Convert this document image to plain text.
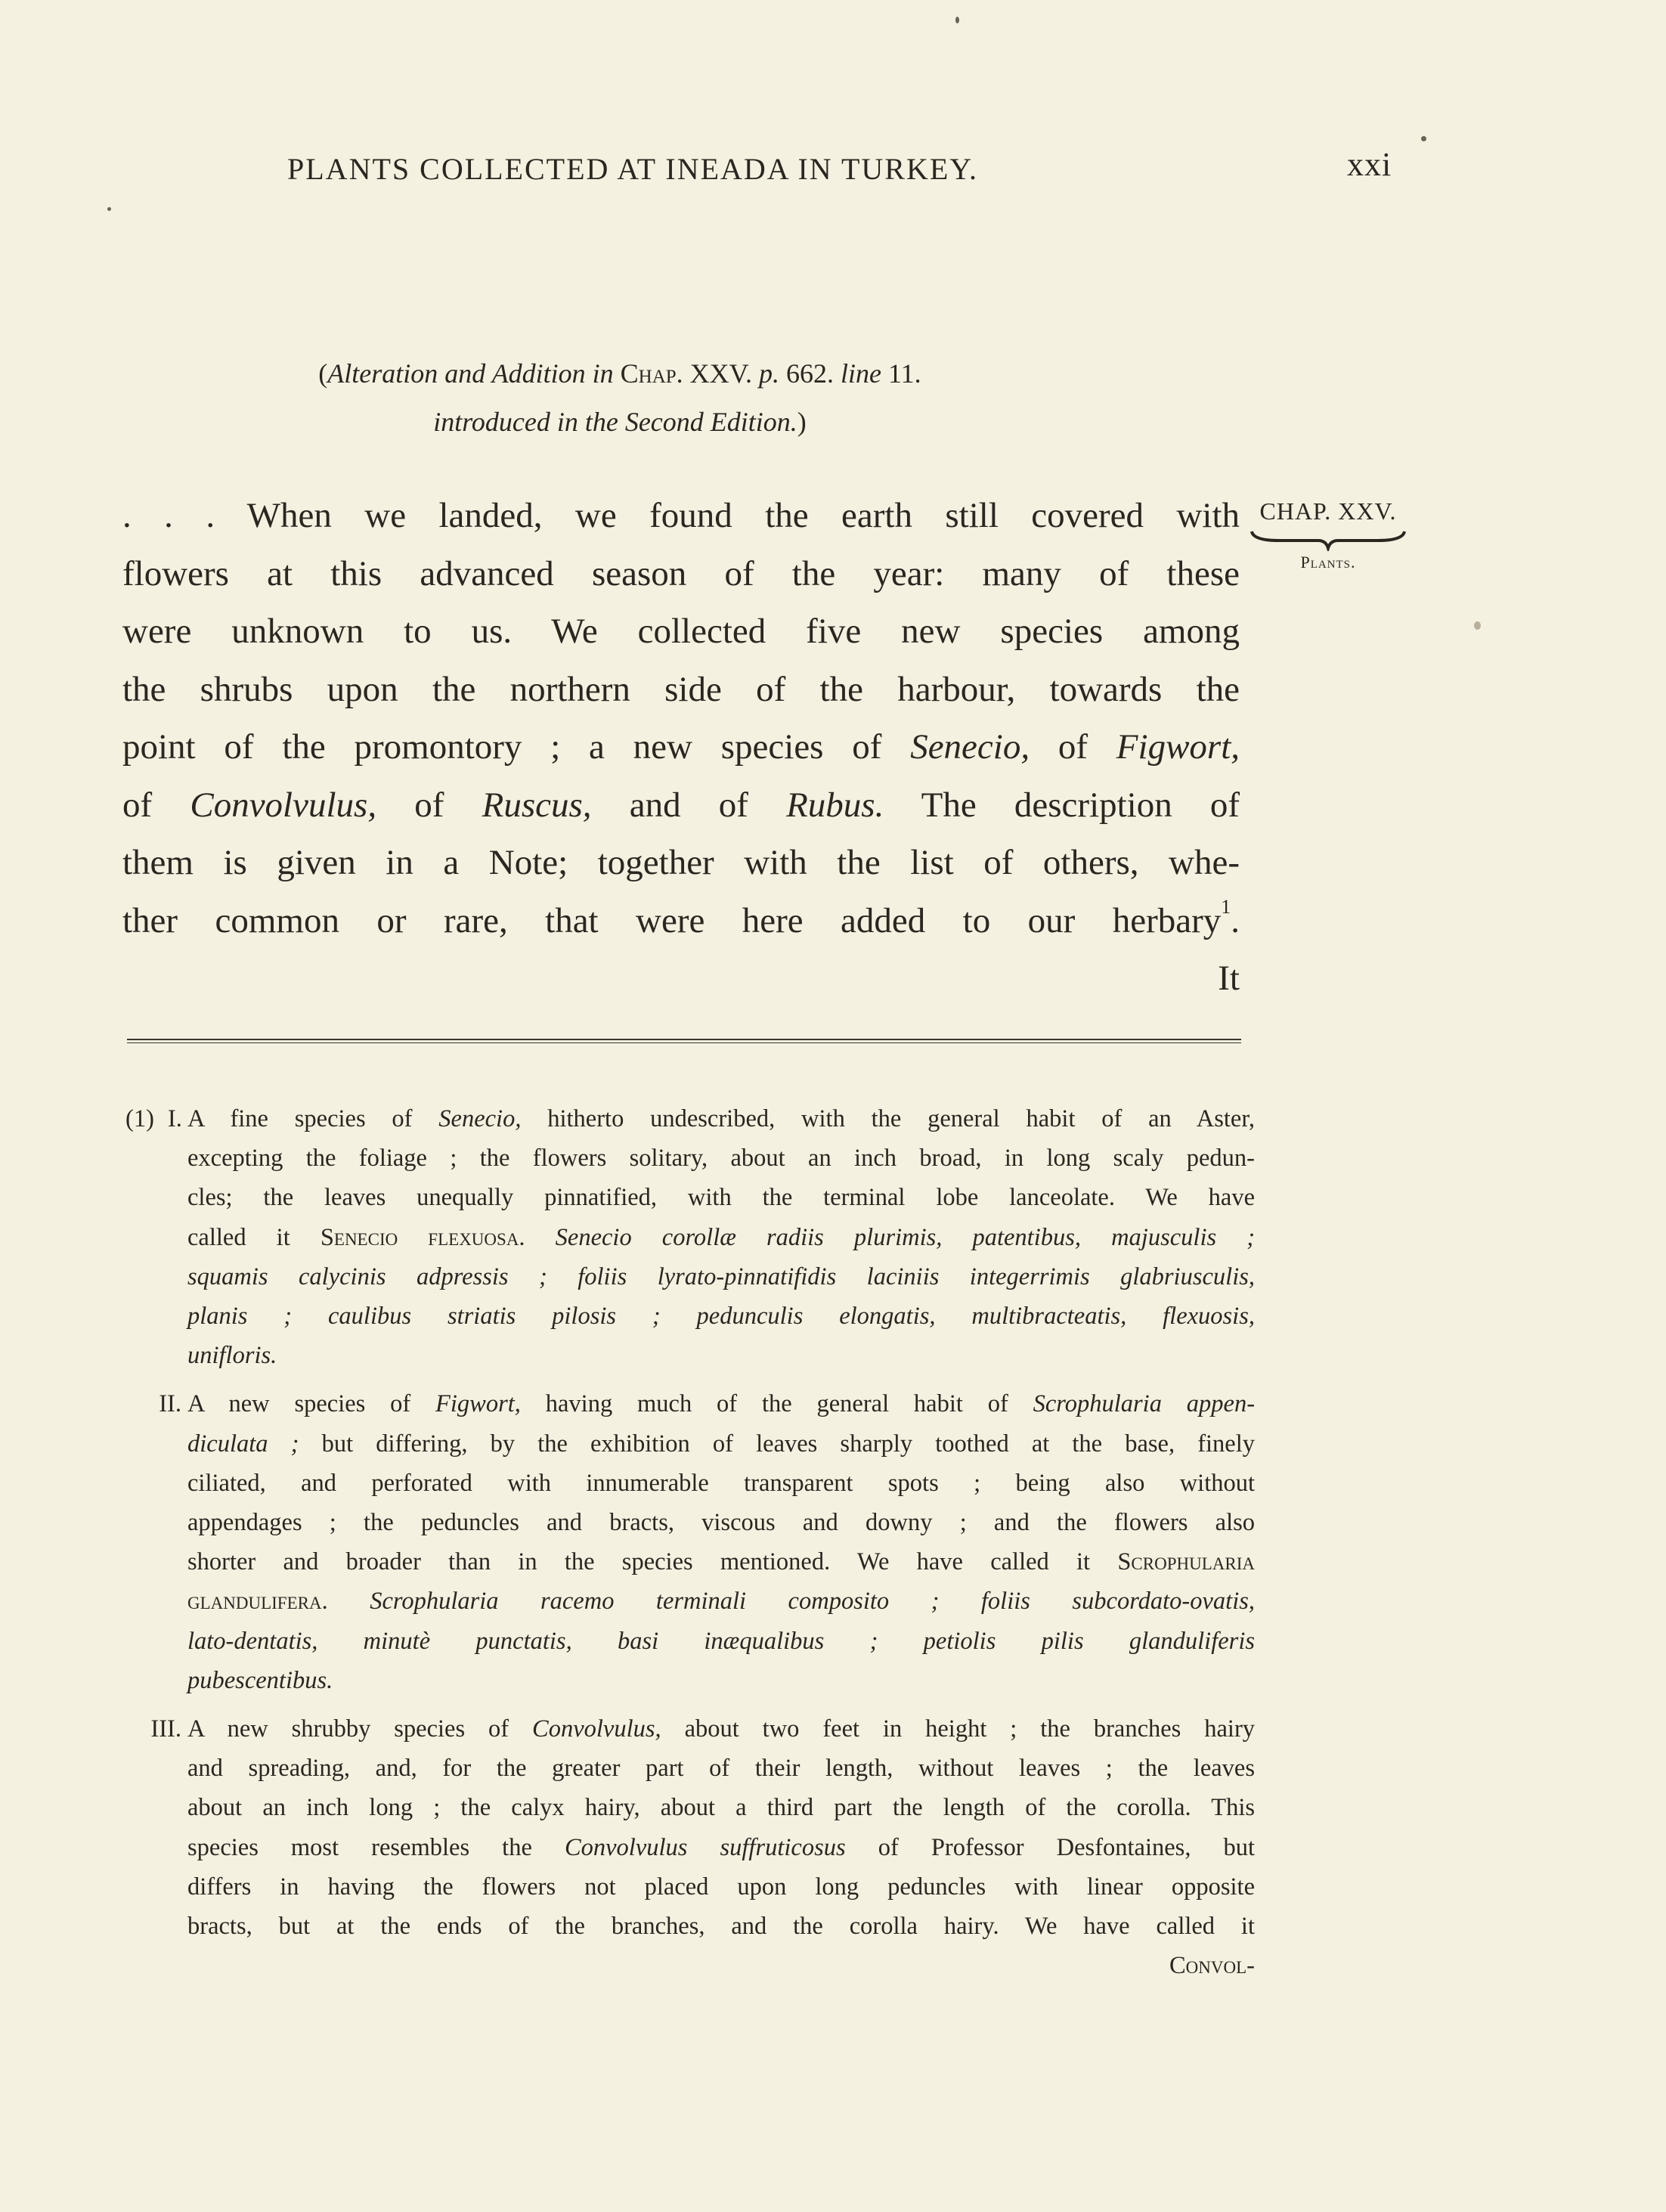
PLANTS COLLECTED AT INEADA IN TURKEY.	xxi
(Alteration and Addition in Chap. XXV. p. 662. line 11.
introduced in the Second Edition.)
. . . When we landed, we found the earth still covered with
flowers at this advanced season of the year: many of these
were unknown to us. We collected five new species among
the shrubs upon the northern side of the harbour, towards the
point of the promontory ; a new species of Senecio, of Figwort,
of Convolvulus, of Ruscus, and of Rubus. The description of
them is given in a Note; together with the list of others, whe-
ther common or rare, that were here added to our herbary$^1$.
It
CHAP. XXV.
Plants.
(1) I. A fine species of Senecio, hitherto undescribed, with the general habit of an Aster,
excepting the foliage ; the flowers solitary, about an inch broad, in long scaly pedun-
cles; the leaves unequally pinnatified, with the terminal lobe lanceolate. We have
called it Senecio flexuosa. Senecio corollæ radiis plurimis, patentibus, majusculis ;
squamis calycinis adpressis ; foliis lyrato-pinnatifidis laciniis integerrimis glabriusculis,
planis ; caulibus striatis pilosis ; pedunculis elongatis, multibracteatis, flexuosis,
unifloris.
II. A new species of Figwort, having much of the general habit of Scrophularia appen-
diculata ; but differing, by the exhibition of leaves sharply toothed at the base, finely
ciliated, and perforated with innumerable transparent spots ; being also without
appendages ; the peduncles and bracts, viscous and downy ; and the flowers also
shorter and broader than in the species mentioned. We have called it Scrophularia
glandulifera. Scrophularia racemo terminali composito ; foliis subcordato-ovatis,
lato-dentatis, minutè punctatis, basi inæqualibus ; petiolis pilis glanduliferis
pubescentibus.
III. A new shrubby species of Convolvulus, about two feet in height ; the branches hairy
and spreading, and, for the greater part of their length, without leaves ; the leaves
about an inch long ; the calyx hairy, about a third part the length of the corolla. This
species most resembles the Convolvulus suffruticosus of Professor Desfontaines, but
differs in having the flowers not placed upon long peduncles with linear opposite
bracts, but at the ends of the branches, and the corolla hairy. We have called it
Convol-
